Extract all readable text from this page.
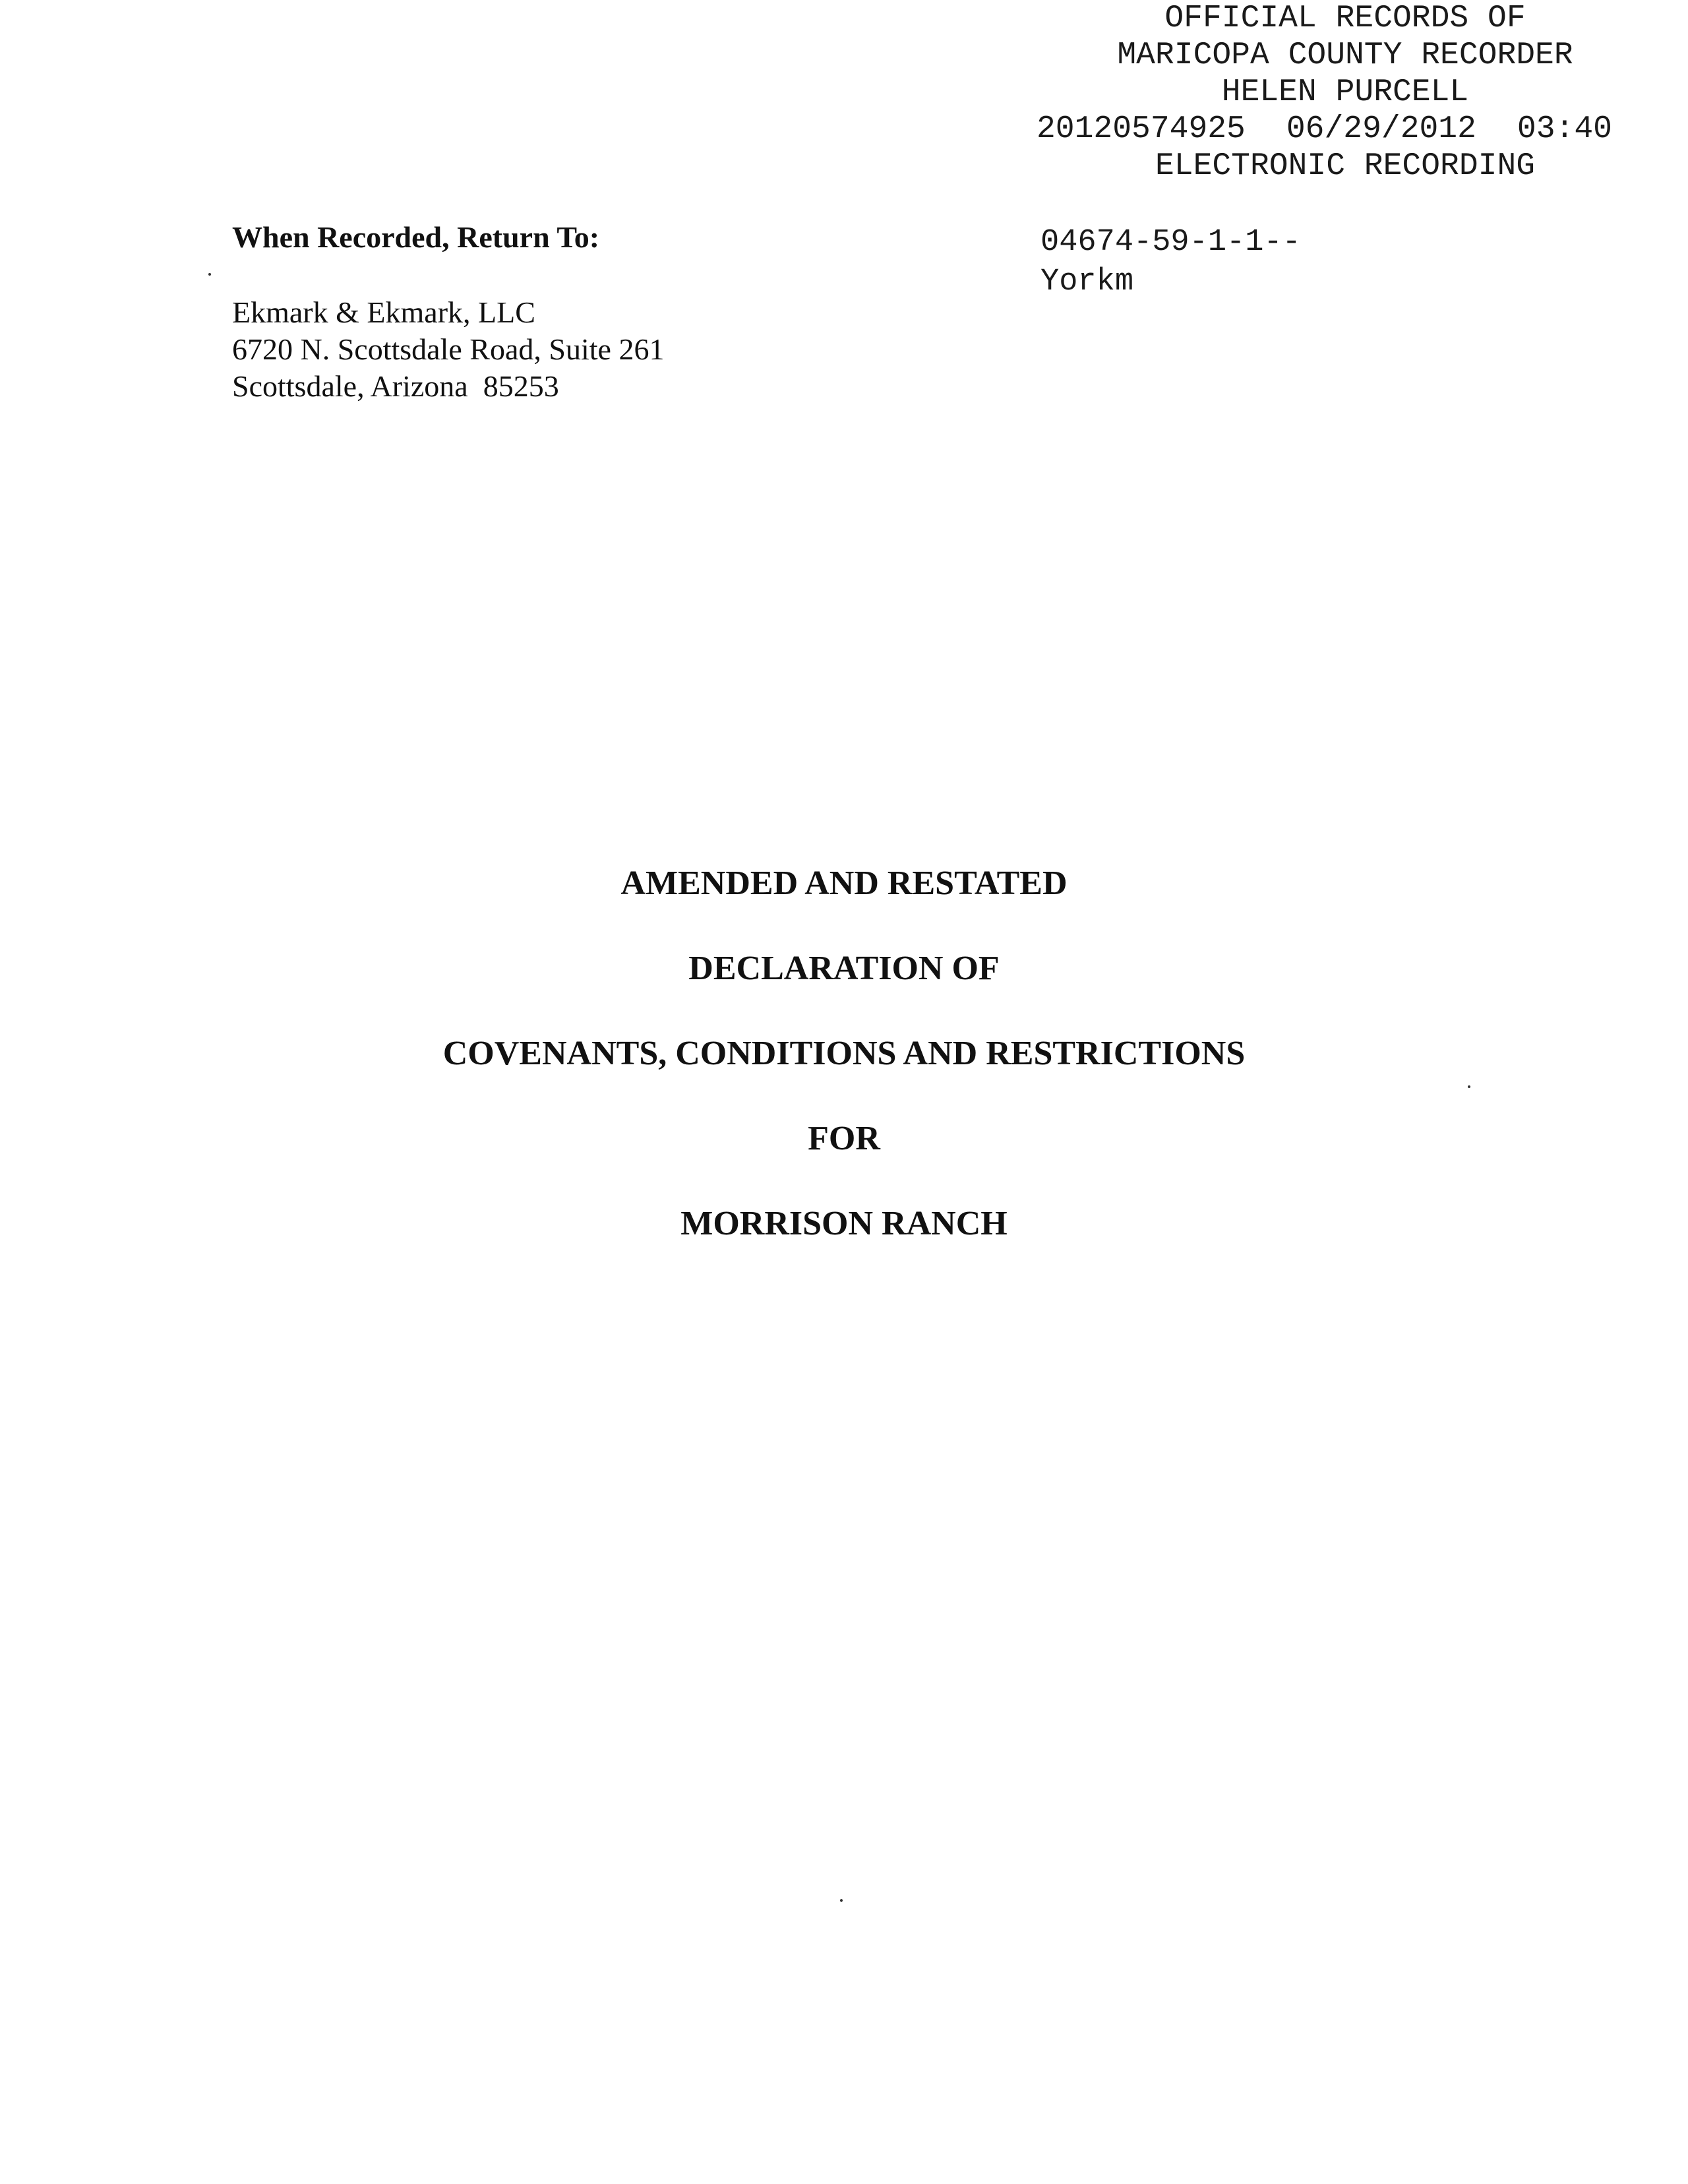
OFFICIAL RECORDS OF
MARICOPA COUNTY RECORDER
HELEN PURCELL
20120574925 06/29/2012 03:40
ELECTRONIC RECORDING
When Recorded, Return To:
Ekmark & Ekmark, LLC
6720 N. Scottsdale Road, Suite 261
Scottsdale, Arizona  85253
04674-59-1-1--
Yorkm
AMENDED AND RESTATED
DECLARATION OF
COVENANTS, CONDITIONS AND RESTRICTIONS
FOR
MORRISON RANCH
